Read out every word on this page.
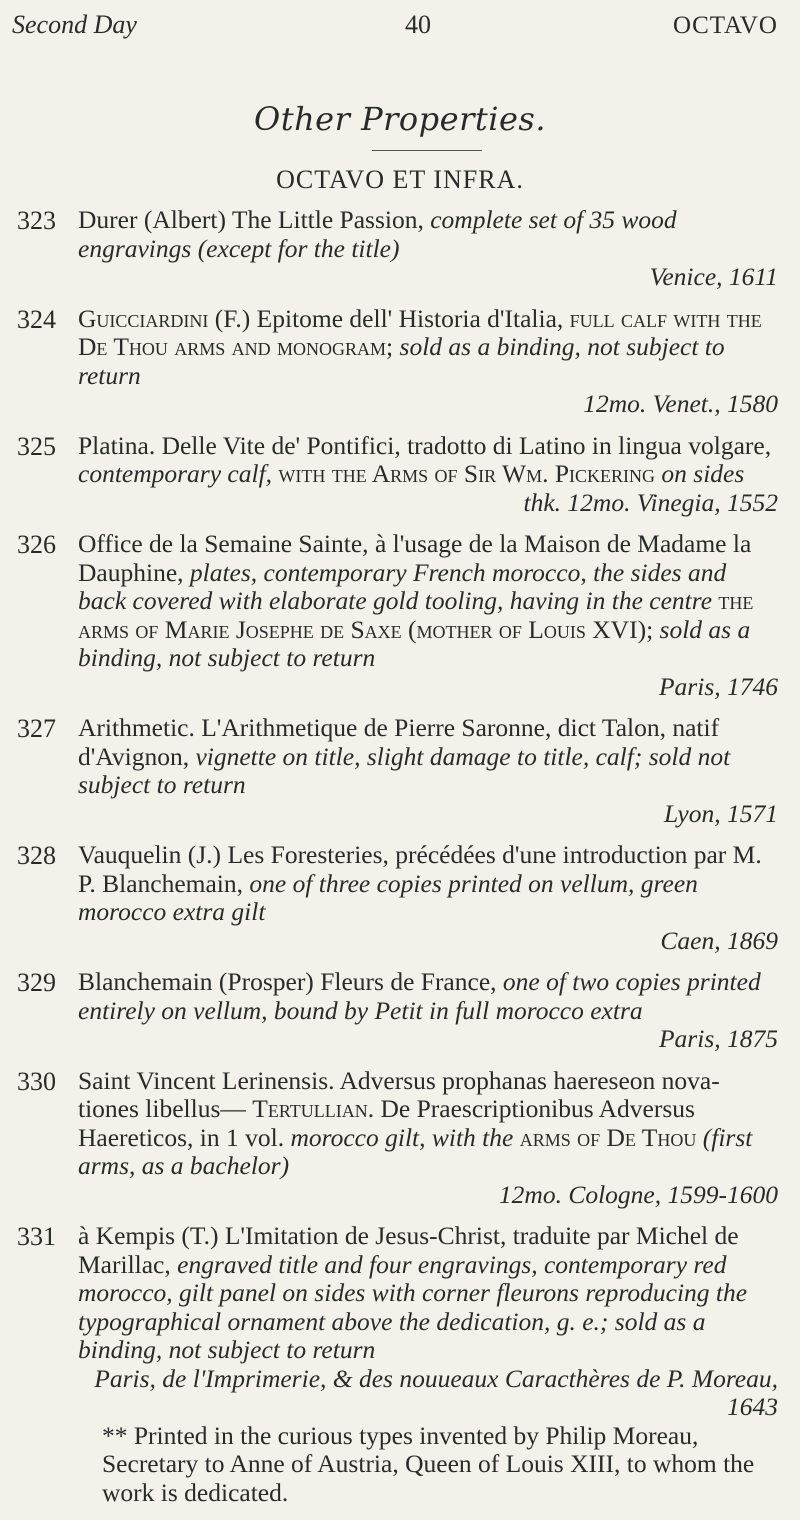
Second Day	40	OCTAVO
Other Properties.
OCTAVO ET INFRA.
323 Durer (Albert) The Little Passion, complete set of 35 wood engravings (except for the title)
Venice, 1611
324 Guicciardini (F.) Epitome dell' Historia d'Italia, full calf with the De Thou arms and monogram; sold as a binding, not subject to return
12mo. Venet., 1580
325 Platina. Delle Vite de' Pontifici, tradotto di Latino in lingua volgare, contemporary calf, with the Arms of Sir Wm. Pickering on sides
thk. 12mo. Vinegia, 1552
326 Office de la Semaine Sainte, à l'usage de la Maison de Madame la Dauphine, plates, contemporary French morocco, the sides and back covered with elaborate gold tooling, having in the centre the arms of Marie Josephe de Saxe (mother of Louis XVI); sold as a binding, not subject to return
Paris, 1746
327 Arithmetic. L'Arithmetique de Pierre Saronne, dict Talon, natif d'Avignon, vignette on title, slight damage to title, calf; sold not subject to return
Lyon, 1571
328 Vauquelin (J.) Les Foresteries, précédées d'une introduction par M. P. Blanchemain, one of three copies printed on vellum, green morocco extra gilt
Caen, 1869
329 Blanchemain (Prosper) Fleurs de France, one of two copies printed entirely on vellum, bound by Petit in full morocco extra
Paris, 1875
330 Saint Vincent Lerinensis. Adversus prophanas haereseon nova-tiones libellus— Tertullian. De Praescriptionibus Adversus Haereticos, in 1 vol. morocco gilt, with the arms of De Thou (first arms, as a bachelor)
12mo. Cologne, 1599-1600
331 à Kempis (T.) L'Imitation de Jesus-Christ, traduite par Michel de Marillac, engraved title and four engravings, contemporary red morocco, gilt panel on sides with corner fleurons reproducing the typographical ornament above the dedication, g. e.; sold as a binding, not subject to return
Paris, de l'Imprimerie, & des nouueaux Caracthères de P. Moreau, 1643
** Printed in the curious types invented by Philip Moreau, Secretary to Anne of Austria, Queen of Louis XIII, to whom the work is dedicated.
